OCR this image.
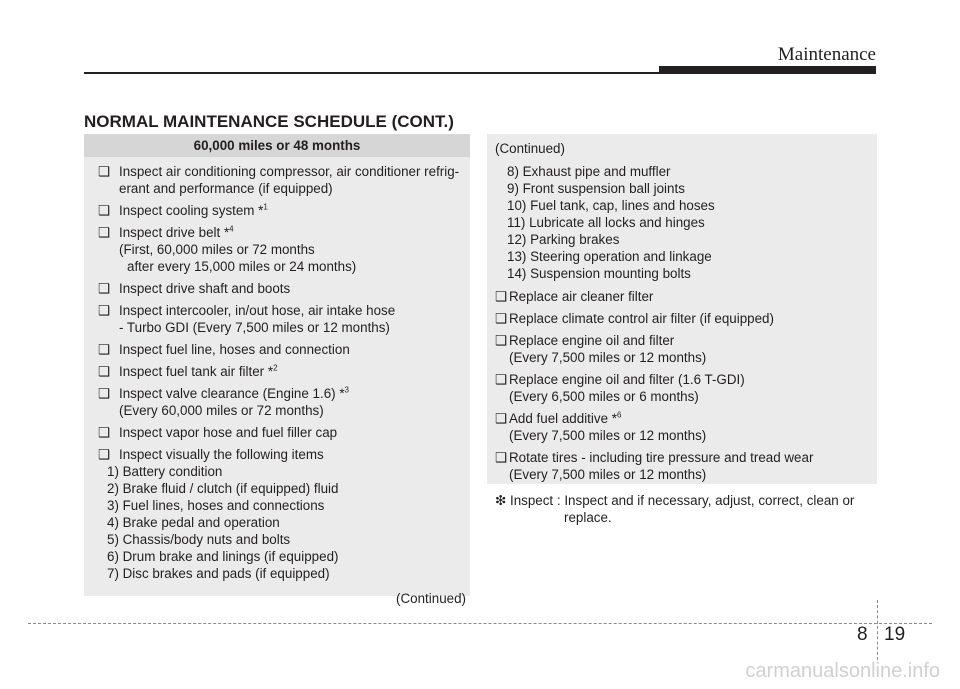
Maintenance
NORMAL MAINTENANCE SCHEDULE (CONT.)
60,000 miles or 48 months
❑ Inspect air conditioning compressor, air conditioner refrig-
erant and performance (if equipped)
❑ Inspect cooling system *$^1$
❑ Inspect drive belt *$^4$
(First, 60,000 miles or 72 months
after every 15,000 miles or 24 months)
❑ Inspect drive shaft and boots
❑ Inspect intercooler, in/out hose, air intake hose
- Turbo GDI (Every 7,500 miles or 12 months)
❑ Inspect fuel line, hoses and connection
❑ Inspect fuel tank air filter *$^2$
❑ Inspect valve clearance (Engine 1.6) *$^3$
(Every 60,000 miles or 72 months)
❑ Inspect vapor hose and fuel filler cap
❑ Inspect visually the following items
1) Battery condition
2) Brake fluid / clutch (if equipped) fluid
3) Fuel lines, hoses and connections
4) Brake pedal and operation
5) Chassis/body nuts and bolts
6) Drum brake and linings (if equipped)
7) Disc brakes and pads (if equipped)
(Continued)
(Continued)
8) Exhaust pipe and muffler
9) Front suspension ball joints
10) Fuel tank, cap, lines and hoses
11) Lubricate all locks and hinges
12) Parking brakes
13) Steering operation and linkage
14) Suspension mounting bolts
❑ Replace air cleaner filter
❑ Replace climate control air filter (if equipped)
❑ Replace engine oil and filter
(Every 7,500 miles or 12 months)
❑ Replace engine oil and filter (1.6 T-GDI)
(Every 6,500 miles or 6 months)
❑ Add fuel additive *$^6$
(Every 7,500 miles or 12 months)
❑ Rotate tires - including tire pressure and tread wear
(Every 7,500 miles or 12 months)
❇ Inspect : Inspect and if necessary, adjust, correct, clean or
replace.
8 19
carmanualsonline.info
